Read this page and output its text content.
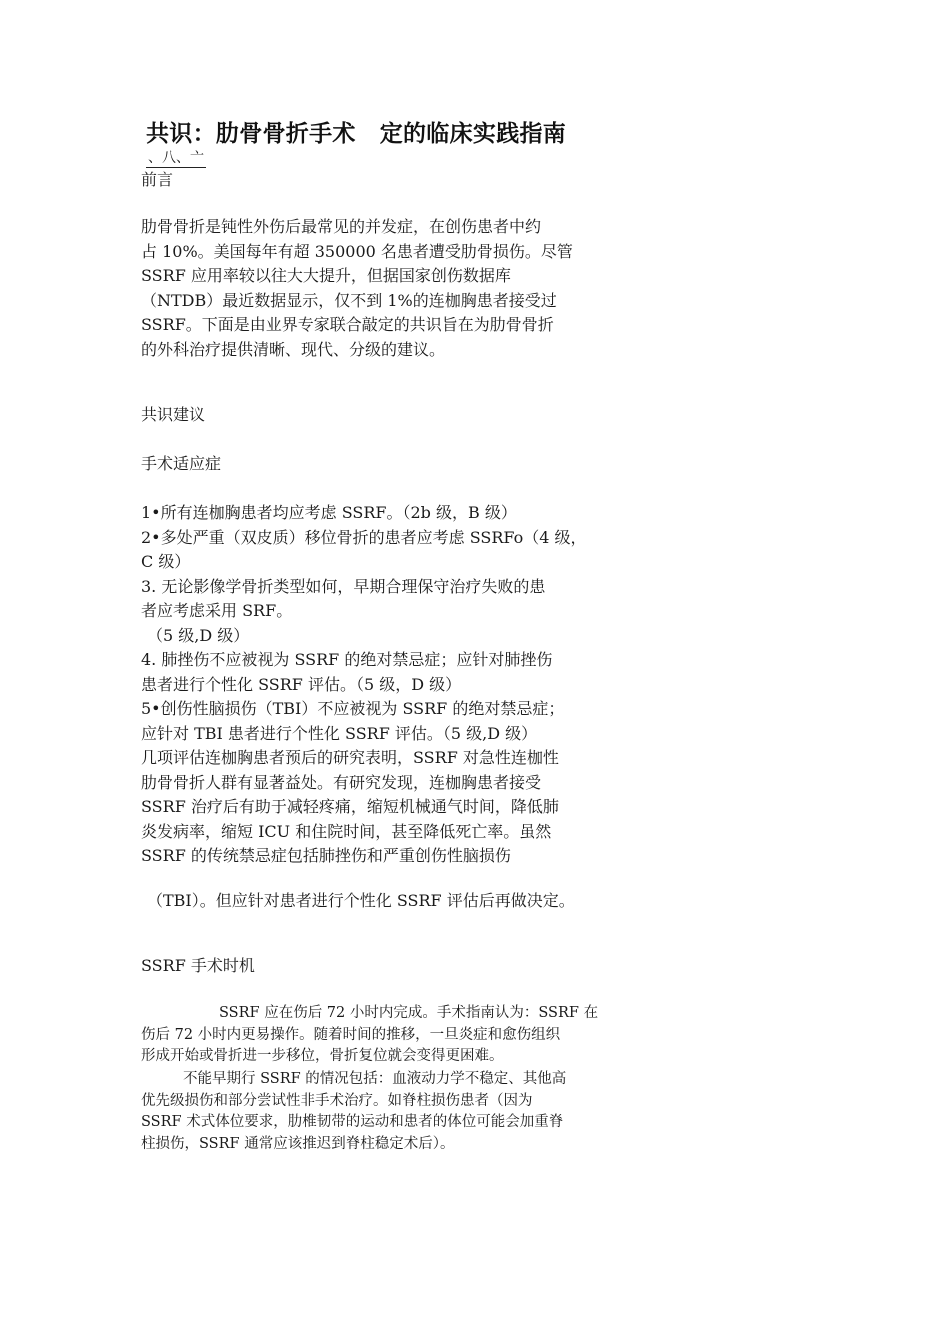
共识：肋骨骨折手术 定的临床实践指南
、八、亠
前言
肋骨骨折是钝性外伤后最常见的并发症，在创伤患者中约
占 10%。美国每年有超 350000 名患者遭受肋骨损伤。尽管
SSRF 应用率较以往大大提升，但据国家创伤数据库
（NTDB）最近数据显示，仅不到 1%的连枷胸患者接受过
SSRF。下面是由业界专家联合敲定的共识旨在为肋骨骨折
的外科治疗提供清晰、现代、分级的建议。
共识建议
手术适应症
1•所有连枷胸患者均应考虑 SSRF。（2b 级，B 级）
2•多处严重（双皮质）移位骨折的患者应考虑 SSRFo（4 级，
C 级）
3. 无论影像学骨折类型如何，早期合理保守治疗失败的患
者应考虑采用 SRF。
（5 级,D 级）
4. 肺挫伤不应被视为 SSRF 的绝对禁忌症；应针对肺挫伤
患者进行个性化 SSRF 评估。（5 级，D 级）
5•创伤性脑损伤（TBI）不应被视为 SSRF 的绝对禁忌症；
应针对 TBI 患者进行个性化 SSRF 评估。（5 级,D 级）
几项评估连枷胸患者预后的研究表明，SSRF 对急性连枷性
肋骨骨折人群有显著益处。有研究发现，连枷胸患者接受
SSRF 治疗后有助于减轻疼痛，缩短机械通气时间，降低肺
炎发病率，缩短 ICU 和住院时间，甚至降低死亡率。虽然
SSRF 的传统禁忌症包括肺挫伤和严重创伤性脑损伤
（TBI）。但应针对患者进行个性化 SSRF 评估后再做决定。
SSRF 手术时机
SSRF 应在伤后 72 小时内完成。手术指南认为：SSRF 在
伤后 72 小时内更易操作。随着时间的推移，一旦炎症和愈伤组织
形成开始或骨折进一步移位，骨折复位就会变得更困难。
不能早期行 SSRF 的情况包括：血液动力学不稳定、其他高
优先级损伤和部分尝试性非手术治疗。如脊柱损伤患者（因为
SSRF 术式体位要求，肋椎韧带的运动和患者的体位可能会加重脊
柱损伤，SSRF 通常应该推迟到脊柱稳定术后）。
